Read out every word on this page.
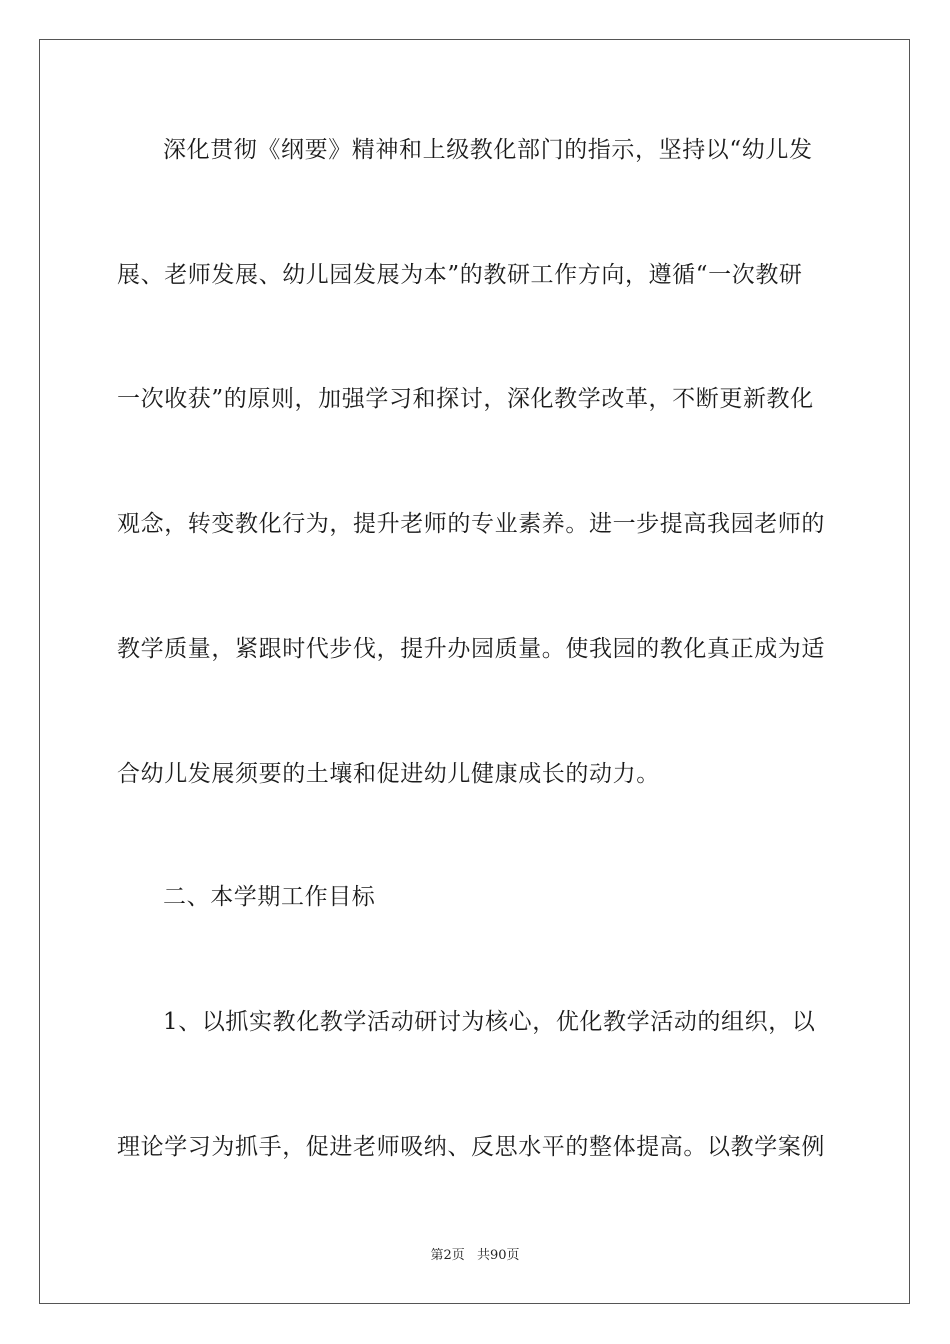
深化贯彻《纲要》精神和上级教化部门的指示，坚持以“幼儿发
展、老师发展、幼儿园发展为本”的教研工作方向，遵循“一次教研
一次收获”的原则，加强学习和探讨，深化教学改革，不断更新教化
观念，转变教化行为，提升老师的专业素养。进一步提高我园老师的
教学质量，紧跟时代步伐，提升办园质量。使我园的教化真正成为适
合幼儿发展须要的土壤和促进幼儿健康成长的动力。
二、本学期工作目标
1、以抓实教化教学活动研讨为核心，优化教学活动的组织，以
理论学习为抓手，促进老师吸纳、反思水平的整体提高。以教学案例
第2页 共90页
